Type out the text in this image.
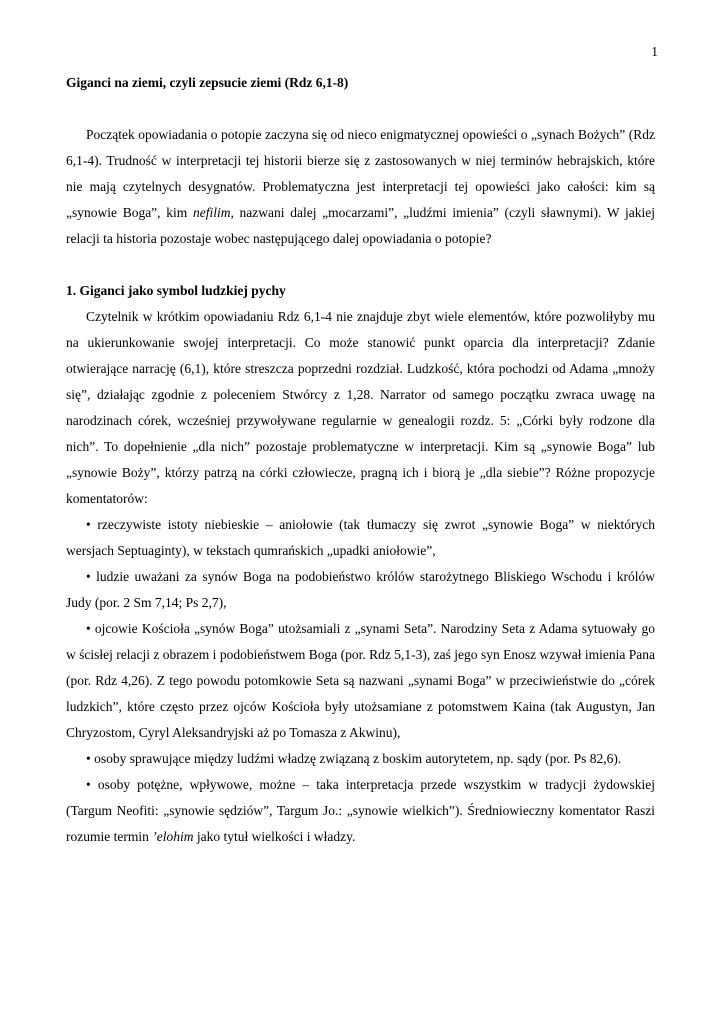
1

Giganci na ziemi, czyli zepsucie ziemi (Rdz 6,1-8)

Początek opowiadania o potopie zaczyna się od nieco enigmatycznej opowieści o „synach Bożych” (Rdz 6,1-4). Trudność w interpretacji tej historii bierze się z zastosowanych w niej terminów hebrajskich, które nie mają czytelnych desygnatów. Problematyczna jest interpretacji tej opowieści jako całości: kim są „synowie Boga”, kim nefilim, nazwani dalej „mocarzami”, „ludźmi imienia” (czyli sławnymi). W jakiej relacji ta historia pozostaje wobec następującego dalej opowiadania o potopie?

1. Giganci jako symbol ludzkiej pychy

Czytelnik w krótkim opowiadaniu Rdz 6,1-4 nie znajduje zbyt wiele elementów, które pozwoliłyby mu na ukierunkowanie swojej interpretacji. Co może stanowić punkt oparcia dla interpretacji? Zdanie otwierające narrację (6,1), które streszcza poprzedni rozdział. Ludzkość, która pochodzi od Adama „mnoży się”, działając zgodnie z poleceniem Stwórcy z 1,28. Narrator od samego początku zwraca uwagę na narodzinach córek, wcześniej przywoływane regularnie w genealogii rozdz. 5: „Córki były rodzone dla nich”. To dopełnienie „dla nich” pozostaje problematyczne w interpretacji. Kim są „synowie Boga” lub „synowie Boży”, którzy patrzą na córki człowiecze, pragną ich i biorą je „dla siebie”? Różne propozycje komentatorów:

• rzeczywiste istoty niebieskie – aniołowie (tak tłumaczy się zwrot „synowie Boga” w niektórych wersjach Septuaginty), w tekstach qumrańskich „upadki aniołowie”,

• ludzie uważani za synów Boga na podobieństwo królów starożytnego Bliskiego Wschodu i królów Judy (por. 2 Sm 7,14; Ps 2,7),

• ojcowie Kościoła „synów Boga” utożsamiali z „synami Seta”. Narodziny Seta z Adama sytuowały go w ścisłej relacji z obrazem i podobieństwem Boga (por. Rdz 5,1-3), zaś jego syn Enosz wzywał imienia Pana (por. Rdz 4,26). Z tego powodu potomkowie Seta są nazwani „synami Boga” w przeciwieństwie do „córek ludzkich”, które często przez ojców Kościoła były utożsamiane z potomstwem Kaina (tak Augustyn, Jan Chryzostom, Cyryl Aleksandryjski aż po Tomasza z Akwinu),

• osoby sprawujące między ludźmi władzę związaną z boskim autorytetem, np. sądy (por. Ps 82,6).

• osoby potężne, wpływowe, możne – taka interpretacja przede wszystkim w tradycji żydowskiej (Targum Neofiti: „synowie sędziów”, Targum Jo.: „synowie wielkich”). Średniowieczny komentator Raszi rozumie termin ’elohim jako tytuł wielkości i władzy.
